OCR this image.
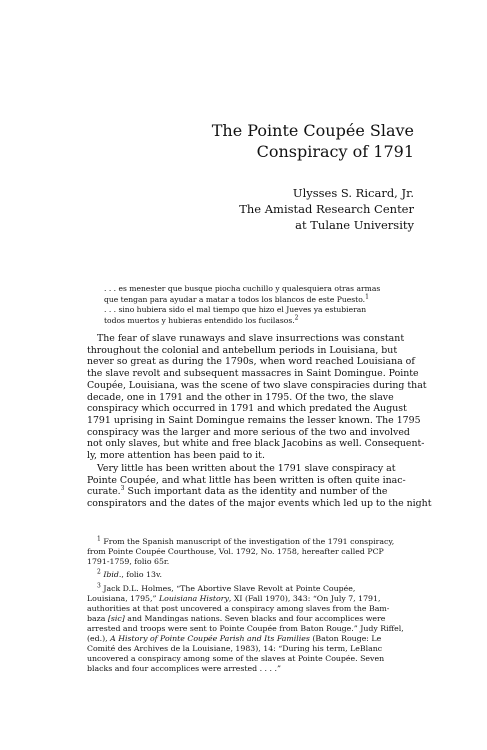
The Pointe Coupée Slave
Conspiracy of 1791
Ulysses S. Ricard, Jr.
The Amistad Research Center
at Tulane University
. . . es menester que busque piocha cuchillo y qualesquiera otras armas
que tengan para ayudar a matar a todos los blancos de este Puesto.$^1$
. . . sino hubiera sido el mal tiempo que hizo el Jueves ya estubieran
todos muertos y hubieras entendido los fucilasos.$^2$
The fear of slave runaways and slave insurrections was constant
throughout the colonial and antebellum periods in Louisiana, but
never so great as during the 1790s, when word reached Louisiana of
the slave revolt and subsequent massacres in Saint Domingue. Pointe
Coupée, Louisiana, was the scene of two slave conspiracies during that
decade, one in 1791 and the other in 1795. Of the two, the slave
conspiracy which occurred in 1791 and which predated the August
1791 uprising in Saint Domingue remains the lesser known. The 1795
conspiracy was the larger and more serious of the two and involved
not only slaves, but white and free black Jacobins as well. Consequent-
ly, more attention has been paid to it.
Very little has been written about the 1791 slave conspiracy at
Pointe Coupée, and what little has been written is often quite inac-
curate.$^3$ Such important data as the identity and number of the
conspirators and the dates of the major events which led up to the night
$^1$ From the Spanish manuscript of the investigation of the 1791 conspiracy,
from Pointe Coupée Courthouse, Vol. 1792, No. 1758, hereafter called PCP
1791-1759, folio 65r.
$^2$ Ibid., folio 13v.
$^3$ Jack D.L. Holmes, “The Abortive Slave Revolt at Pointe Coupée,
Louisiana, 1795,” Louisiana History, XI (Fall 1970), 343: “On July 7, 1791,
authorities at that post uncovered a conspiracy among slaves from the Bam-
baza [sic] and Mandingas nations. Seven blacks and four accomplices were
arrested and troops were sent to Pointe Coupée from Baton Rouge.” Judy Riffel,
(ed.), A History of Pointe Coupée Parish and Its Families (Baton Rouge: Le
Comité des Archives de la Louisiane, 1983), 14: “During his term, LeBlanc
uncovered a conspiracy among some of the slaves at Pointe Coupée. Seven
blacks and four accomplices were arrested . . . .”
